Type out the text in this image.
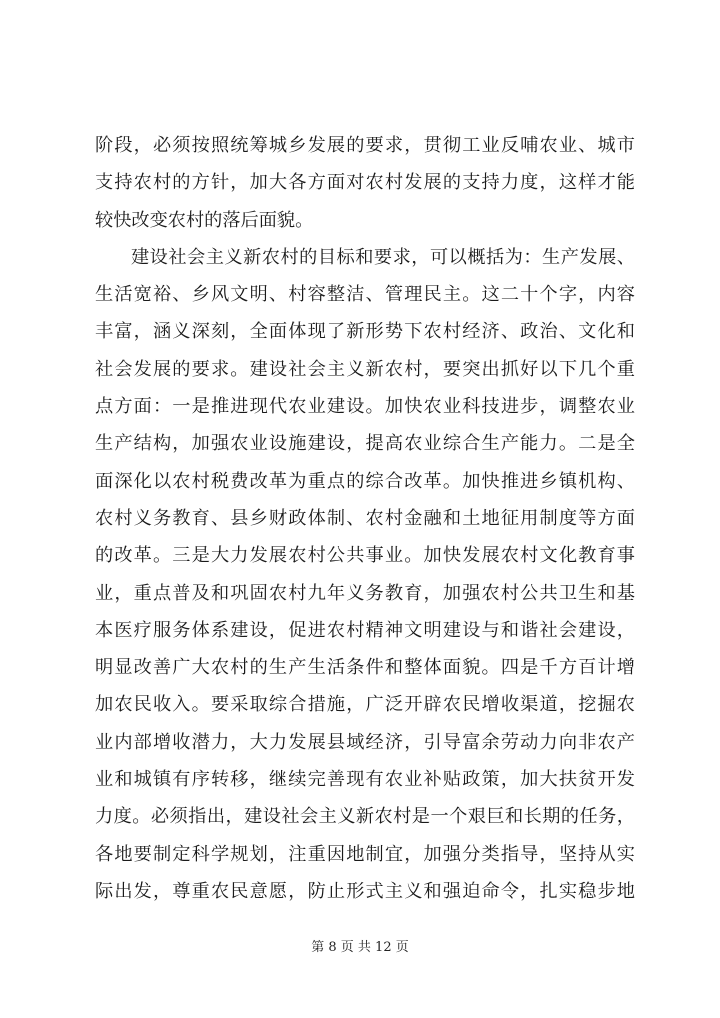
阶段，必须按照统筹城乡发展的要求，贯彻工业反哺农业、城市
支持农村的方针，加大各方面对农村发展的支持力度，这样才能
较快改变农村的落后面貌。
建设社会主义新农村的目标和要求，可以概括为：生产发展、
生活宽裕、乡风文明、村容整洁、管理民主。这二十个字，内容
丰富，涵义深刻，全面体现了新形势下农村经济、政治、文化和
社会发展的要求。建设社会主义新农村，要突出抓好以下几个重
点方面：一是推进现代农业建设。加快农业科技进步，调整农业
生产结构，加强农业设施建设，提高农业综合生产能力。二是全
面深化以农村税费改革为重点的综合改革。加快推进乡镇机构、
农村义务教育、县乡财政体制、农村金融和土地征用制度等方面
的改革。三是大力发展农村公共事业。加快发展农村文化教育事
业，重点普及和巩固农村九年义务教育，加强农村公共卫生和基
本医疗服务体系建设，促进农村精神文明建设与和谐社会建设，
明显改善广大农村的生产生活条件和整体面貌。四是千方百计增
加农民收入。要采取综合措施，广泛开辟农民增收渠道，挖掘农
业内部增收潜力，大力发展县域经济，引导富余劳动力向非农产
业和城镇有序转移，继续完善现有农业补贴政策，加大扶贫开发
力度。必须指出，建设社会主义新农村是一个艰巨和长期的任务，
各地要制定科学规划，注重因地制宜，加强分类指导，坚持从实
际出发，尊重农民意愿，防止形式主义和强迫命令，扎实稳步地
第 8 页 共 12 页
